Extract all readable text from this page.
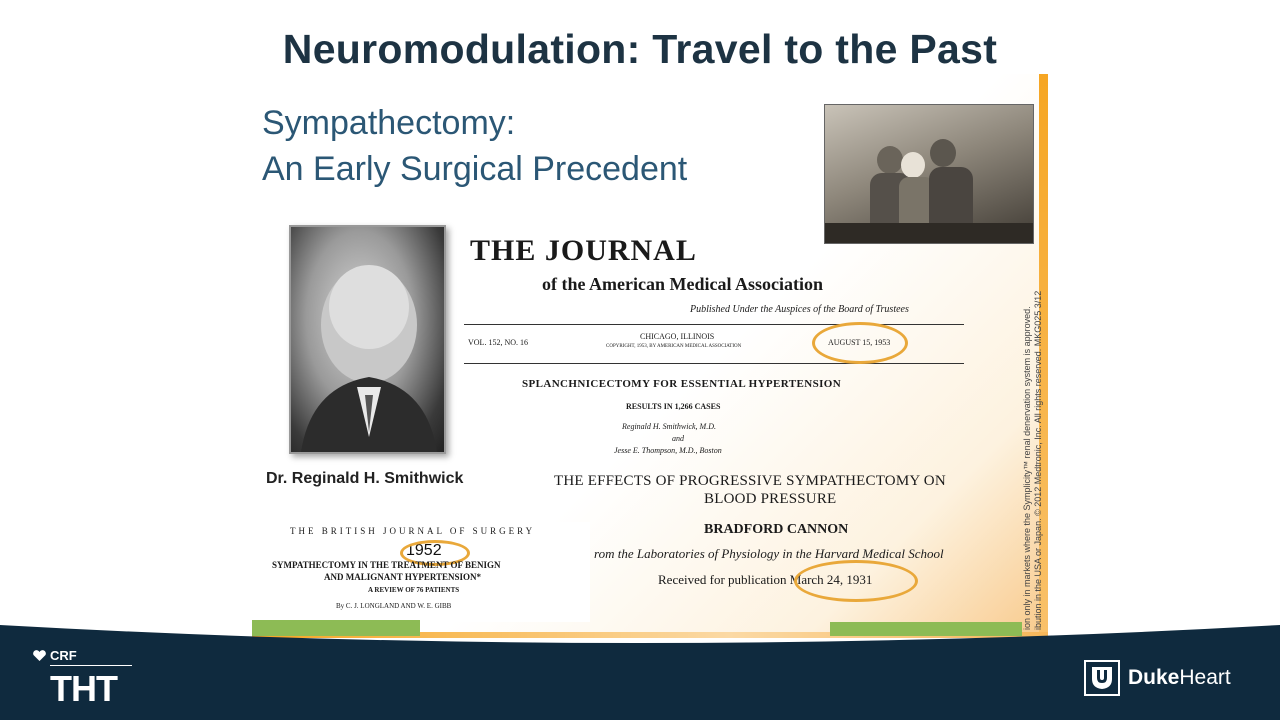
Neuromodulation: Travel to the Past
Sympathectomy:
An Early Surgical Precedent
Dr. Reginald H. Smithwick
THE JOURNAL
of the American Medical Association
Published Under the Auspices of the Board of Trustees
VOL. 152, NO. 16
CHICAGO, ILLINOIS
COPYRIGHT, 1953, BY AMERICAN MEDICAL ASSOCIATION	AUGUST 15, 1953
SPLANCHNICECTOMY FOR ESSENTIAL HYPERTENSION
RESULTS IN 1,266 CASES
Reginald H. Smithwick, M.D.
and
Jesse E. Thompson, M.D., Boston
THE EFFECTS OF PROGRESSIVE SYMPATHECTOMY ON
BLOOD PRESSURE
BRADFORD CANNON
rom the Laboratories of Physiology in the Harvard Medical School
Received for publication March 24, 1931
THE BRITISH JOURNAL OF SURGERY
1952
SYMPATHECTOMY IN THE TREATMENT OF BENIGN
AND MALIGNANT HYPERTENSION*
A REVIEW OF 76 PATIENTS
By C. J. LONGLAND AND W. E. GIBB	ion only in markets where the Symplicity™ renal denervation system is approved. ibution in the USA or Japan. © 2012 Medtronic, Inc. All rights reserved. MKG025 3/12
CRF
THT	DukeHeart
